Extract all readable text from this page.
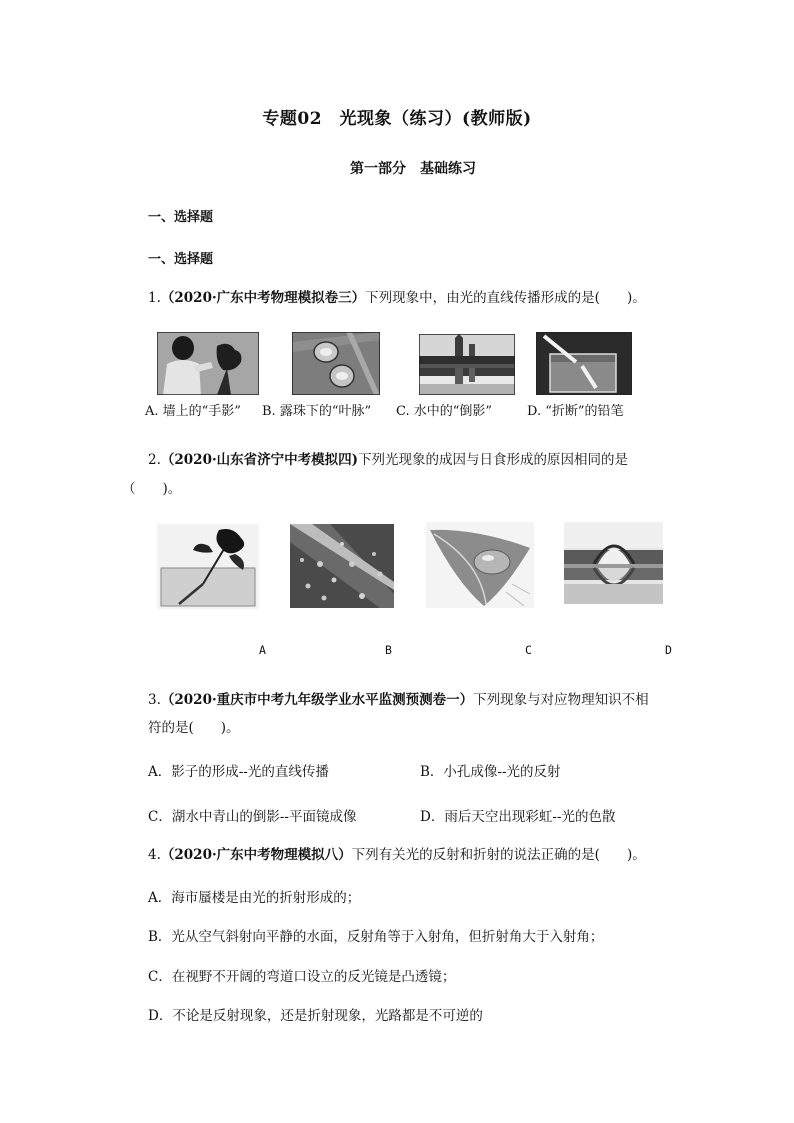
专题02　光现象（练习）(教师版)
第一部分　基础练习
一、选择题
一、选择题
1.（2020·广东中考物理模拟卷三）下列现象中，由光的直线传播形成的是(　　)。
A. 墙上的“手影” B. 露珠下的“叶脉” C. 水中的“倒影”	D. “折断”的铅笔
2.（2020·山东省济宁中考模拟四)下列光现象的成因与日食形成的原因相同的是
（　　)。
A	B	C	D
3.（2020·重庆市中考九年级学业水平监测预测卷一）下列现象与对应物理知识不相
符的是(　　)。
A．影子的形成--光的直线传播	B．小孔成像--光的反射
C．湖水中青山的倒影--平面镜成像	D．雨后天空出现彩虹--光的色散
4.（2020·广东中考物理模拟八）下列有关光的反射和折射的说法正确的是(　　)。
A．海市蜃楼是由光的折射形成的；
B．光从空气斜射向平静的水面，反射角等于入射角，但折射角大于入射角；
C．在视野不开阔的弯道口设立的反光镜是凸透镜；
D．不论是反射现象，还是折射现象，光路都是不可逆的
